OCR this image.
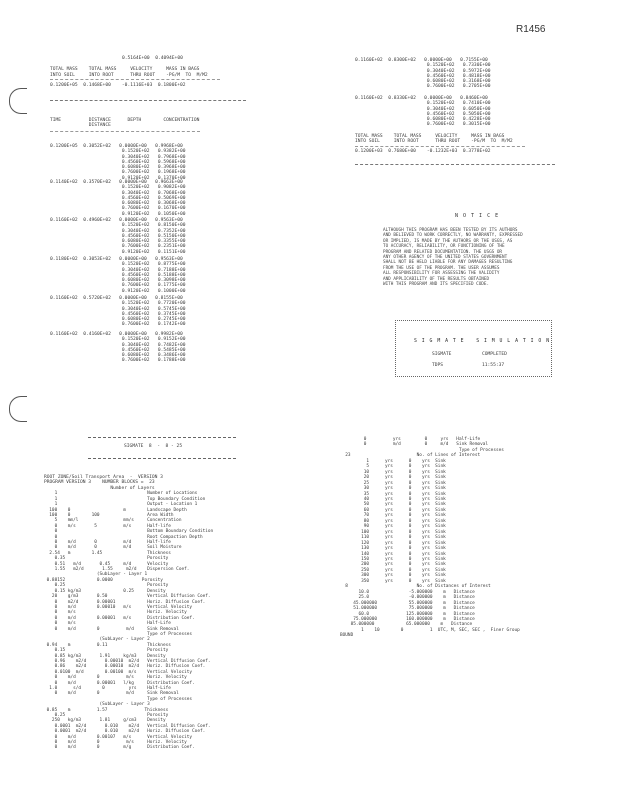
R1456
0.5164E+00  0.4094E+00
TOTAL MASS    TOTAL MASS     VELOCITY     MASS IN BAGS
INTO SOIL     INTO ROOT      THRU ROOT    -PG/M  TO  M/M2
0.1200E+05  0.1468E+00    -0.1116E+03  0.1800E+02
TIME          DISTANCE      DEPTH        CONCENTRATION
DISTANCE
0.1200E+05  0.3052E+02   0.0000E+00   0.9968E+00
0.1520E+02   0.9382E+00
0.3040E+02   0.7968E+00
0.4560E+02   0.5968E+00
0.6080E+02   0.3968E+00
0.7600E+02   0.1968E+00
0.9120E+02   0.1370E+00
0.1140E+02  0.3570E+02   0.0000E+00   0.9663E+00
0.1520E+02   0.9082E+00
0.3040E+02   0.7068E+00
0.4560E+02   0.5069E+00
0.6080E+02   0.3068E+00
0.7600E+02   0.1670E+00
0.9120E+02   0.1050E+00
0.1160E+02  0.4960E+02   0.0000E+00   0.9563E+00
0.1520E+02   0.8150E+00
0.3040E+02   0.7352E+00
0.4560E+02   0.5150E+00
0.6080E+02   0.3355E+00
0.7600E+02   0.2351E+00
0.9120E+02   0.1151E+00
0.1180E+02  0.3053E+02   0.0000E+00   0.9563E+00
0.1520E+02   0.8775E+00
0.3040E+02   0.7188E+00
0.4560E+02   0.5188E+00
0.6080E+02   0.3098E+00
0.7600E+02   0.1775E+00
0.9120E+02   0.1000E+00
0.1160E+02  0.5720E+02   0.0000E+00   0.8155E+00
0.1520E+02   0.7720E+00
0.3040E+02   0.5745E+00
0.4560E+02   0.3745E+00
0.6080E+02   0.2745E+00
0.7600E+02   0.1742E+00
0.1160E+02  0.4160E+02   0.0000E+00   0.9982E+00
0.1520E+02   0.9152E+00
0.3040E+02   0.7482E+00
0.4560E+02   0.5485E+00
0.6080E+02   0.3486E+00
0.7600E+02   0.1788E+00
0.1160E+02  0.8300E+02   0.0000E+00   0.7155E+00
0.1520E+02   0.7330E+00
0.3040E+02   0.5972E+00
0.4560E+02   0.4818E+00
0.6080E+02   0.3168E+00
0.7600E+02   0.2705E+00
0.1160E+02  0.8330E+02   0.0000E+00   0.8460E+00
0.1520E+02   0.7410E+00
0.3040E+02   0.6050E+00
0.4560E+02   0.5050E+00
0.6080E+02   0.4228E+00
0.7600E+02   0.3015E+00
TOTAL MASS    TOTAL MASS     VELOCITY     MASS IN BAGS
INTO SOIL     INTO ROOT      THRU ROOT    -PG/M  TO  M/M2
0.1200E+03  0.7680E+00    -0.1232E+03  0.3778E+02
N O T I C E
ALTHOUGH THIS PROGRAM HAS BEEN TESTED BY ITS AUTHORS
AND BELIEVED TO WORK CORRECTLY, NO WARRANTY, EXPRESSED
OR IMPLIED, IS MADE BY THE AUTHORS OR THE USGS, AS
TO ACCURACY, RELIABILITY, OR FUNCTIONING OF THE
PROGRAM AND RELATED DOCUMENTATION. THE USGS OR
ANY OTHER AGENCY OF THE UNITED STATES GOVERNMENT
SHALL NOT BE HELD LIABLE FOR ANY DAMAGES RESULTING
FROM THE USE OF THE PROGRAM. THE USER ASSUMES
ALL RESPONSIBILITY FOR ASSESSING THE VALIDITY
AND APPLICABILITY OF THE RESULTS OBTAINED
WITH THIS PROGRAM AND ITS SPECIFIED CODE.
S I G M A T E   S I M U L A T I O N
SIGMATE	COMPLETED
TDPS	11:55:37
SIGMATE  8  -  8 - 25
ROOT ZONE/Soil Transport Area  -  VERSION 3
PROGRAM VERSION 3    NUMBER BLOCKS =  23
Number of Layers
1                                  Number of Locations
1                                  Top Boundary Condition
1                                  Output - Location 1
100    0                    m        Landscape Depth
100    0        100                  Area Width
5    mm/l                 mm/s     Concentration
0    m/s       5          m/s      Half-life
0                                  Bottom Boundary Condition
0                                  Root Compaction Depth
0    m/d       0          m/d      Half-life
0    m/d       0          m/d      Soil Moisture
2.54   m        1.45                 Thickness
0.35                               Porosity
0.51   m/d       0.45     m/d      Velocity
1.55   m2/d       1.55     m2/d    Dispersion Coef.
(SubLayer - Layer 1
0.88152            0.0000           Porosity
0.25                               Porosity
0.15 kg/m3                0.25     Density
20    g/m3       0.50               Vertical Diffusion Coef.
0    m2/d       0.00001            Horiz. Diffusion Coef.
0    m/d        0.00010   m/s      Vertical Velocity
0    m/s                           Horiz. Velocity
0    m/d        0.00001   m/s      Distribution Coef.
0    m/s                           Half-Life
0    m/d        0          m/d     Sink Removal
Type of Processes
(SubLayer - Layer 2
0.94    m          0.11               Thickness
0.15                               Porosity
0.85 kg/m3       1.91     kg/m3    Density
0.96    m2/d       0.00010  m2/d   Vertical Diffusion Coef.
0.86    m2/d       0.00010  m2/d   Horiz. Diffusion Coef.
0.0100  m/d        0.00100  m/s    Vertical Velocity
0    m/d        0          m/s     Horiz. Velocity
0    m/d        0.00001   l/kg     Distribution Coef.
1.0      s/d        0         yrs    Half-Life
0    m/d        0          m/d     Sink Removal
Type of Processes
(SubLayer - Layer 3
0.85    m          1.57              Thickness
0.25                               Porosity
250   kg/m3       1.81     g/cm3    Density
0.0001  m2/d       0.010    m2/d   Vertical Diffusion Coef.
0.0001  m2/d       0.010    m2/d   Horiz. Diffusion Coef.
0    m/d        0.00107   m/s      Vertical Velocity
0    m/d        0          m/s     Horiz. Velocity
0    m/d        0         m/g      Distribution Coef.
0          yrs         0     yrs   Half-Life
0          m/d         0     m/d   Sink Removal
Type of Processes
23                         No. of Lines of Interest
1      yrs      0    yrs  Sink
5      yrs      0    yrs  Sink
10      yrs      0    yrs  Sink
20      yrs      0    yrs  Sink
25      yrs      0    yrs  Sink
30      yrs      0    yrs  Sink
35      yrs      0    yrs  Sink
40      yrs      0    yrs  Sink
50      yrs      0    yrs  Sink
60      yrs      0    yrs  Sink
70      yrs      0    yrs  Sink
80      yrs      0    yrs  Sink
90      yrs      0    yrs  Sink
100      yrs      0    yrs  Sink
110      yrs      0    yrs  Sink
120      yrs      0    yrs  Sink
130      yrs      0    yrs  Sink
140      yrs      0    yrs  Sink
150      yrs      0    yrs  Sink
200      yrs      0    yrs  Sink
250      yrs      0    yrs  Sink
300      yrs      0    yrs  Sink
350      yrs      0    yrs  Sink
8                          No. of Distances of Interest
10.0               -5.000000    m   Distance
25.0               -0.000000    m   Distance
45.000000            55.000000    m   Distance
51.000000            75.000000    m   Distance
60.0              125.000000    m   Distance
75.000000           160.000000    m   Distance
85.000000            65.000000    m   Distance
1    10        0          1  UTC, M, SEC, SEC ,  Finer Group
BOUND
